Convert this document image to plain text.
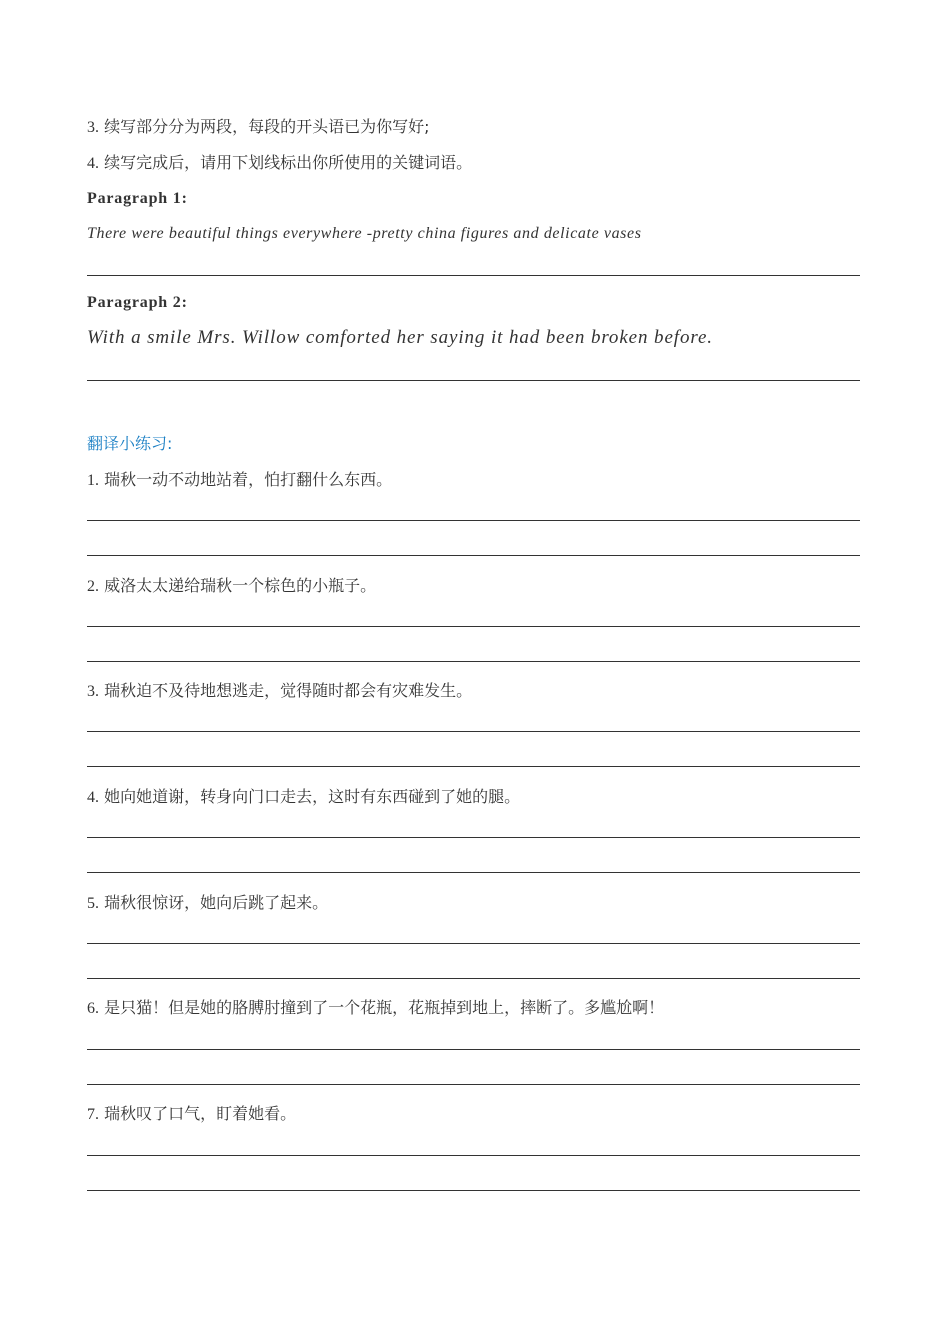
3. 续写部分分为两段，每段的开头语已为你写好;
4. 续写完成后，请用下划线标出你所使用的关键词语。
Paragraph 1:
There were beautiful things everywhere -pretty china figures and delicate vases
Paragraph 2:
With a smile Mrs. Willow comforted her saying it had been broken before.
翻译小练习:
1. 瑞秋一动不动地站着，怕打翻什么东西。
2. 威洛太太递给瑞秋一个棕色的小瓶子。
3. 瑞秋迫不及待地想逃走，觉得随时都会有灾难发生。
4. 她向她道谢，转身向门口走去，这时有东西碰到了她的腿。
5. 瑞秋很惊讶，她向后跳了起来。
6. 是只猫！但是她的胳膊肘撞到了一个花瓶，花瓶掉到地上，摔断了。多尴尬啊！
7. 瑞秋叹了口气，盯着她看。
